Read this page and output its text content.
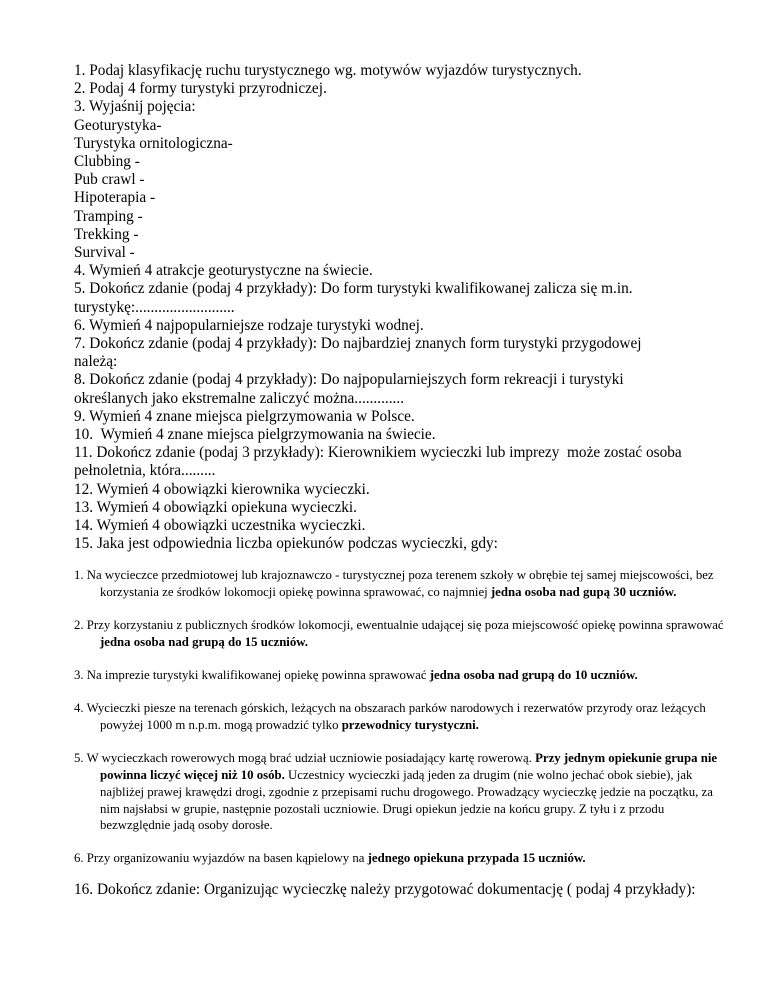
1. Podaj klasyfikację ruchu turystycznego wg. motywów wyjazdów turystycznych.
2. Podaj 4 formy turystyki przyrodniczej.
3. Wyjaśnij pojęcia:
Geoturystyka-
Turystyka ornitologiczna-
Clubbing -
Pub crawl -
Hipoterapia -
Tramping -
Trekking -
Survival -
4. Wymień 4 atrakcje geoturystyczne na świecie.
5. Dokończ zdanie (podaj 4 przykłady): Do form turystyki kwalifikowanej zalicza się m.in.
turystykę:..........................
6. Wymień 4 najpopularniejsze rodzaje turystyki wodnej.
7. Dokończ zdanie (podaj 4 przykłady): Do najbardziej znanych form turystyki przygodowej
należą:
8. Dokończ zdanie (podaj 4 przykłady): Do najpopularniejszych form rekreacji i turystyki
określanych jako ekstremalne zaliczyć można.............
9. Wymień 4 znane miejsca pielgrzymowania w Polsce.
10.  Wymień 4 znane miejsca pielgrzymowania na świecie.
11. Dokończ zdanie (podaj 3 przykłady): Kierownikiem wycieczki lub imprezy  może zostać osoba
pełnoletnia, która.........
12. Wymień 4 obowiązki kierownika wycieczki.
13. Wymień 4 obowiązki opiekuna wycieczki.
14. Wymień 4 obowiązki uczestnika wycieczki.
15. Jaka jest odpowiednia liczba opiekunów podczas wycieczki, gdy:
1. Na wycieczce przedmiotowej lub krajoznawczo - turystycznej poza terenem szkoły w obrębie tej samej miejscowości, bez korzystania ze środków lokomocji opiekę powinna sprawować, co najmniej jedna osoba nad gupą 30 uczniów.
2. Przy korzystaniu z publicznych środków lokomocji, ewentualnie udającej się poza miejscowość opiekę powinna sprawować jedna osoba nad grupą do 15 uczniów.
3. Na imprezie turystyki kwalifikowanej opiekę powinna sprawować jedna osoba nad grupą do 10 uczniów.
4. Wycieczki piesze na terenach górskich, leżących na obszarach parków narodowych i rezerwatów przyrody oraz leżących powyżej 1000 m n.p.m. mogą prowadzić tylko przewodnicy turystyczni.
5. W wycieczkach rowerowych mogą brać udział uczniowie posiadający kartę rowerową. Przy jednym opiekunie grupa nie powinna liczyć więcej niż 10 osób. Uczestnicy wycieczki jadą jeden za drugim (nie wolno jechać obok siebie), jak najbliżej prawej krawędzi drogi, zgodnie z przepisami ruchu drogowego. Prowadzący wycieczkę jedzie na początku, za nim najsłabsi w grupie, następnie pozostali uczniowie. Drugi opiekun jedzie na końcu grupy. Z tyłu i z przodu bezwzględnie jadą osoby dorosłe.
6. Przy organizowaniu wyjazdów na basen kąpielowy na jednego opiekuna przypada 15 uczniów.
16. Dokończ zdanie: Organizując wycieczkę należy przygotować dokumentację ( podaj 4 przykłady):
